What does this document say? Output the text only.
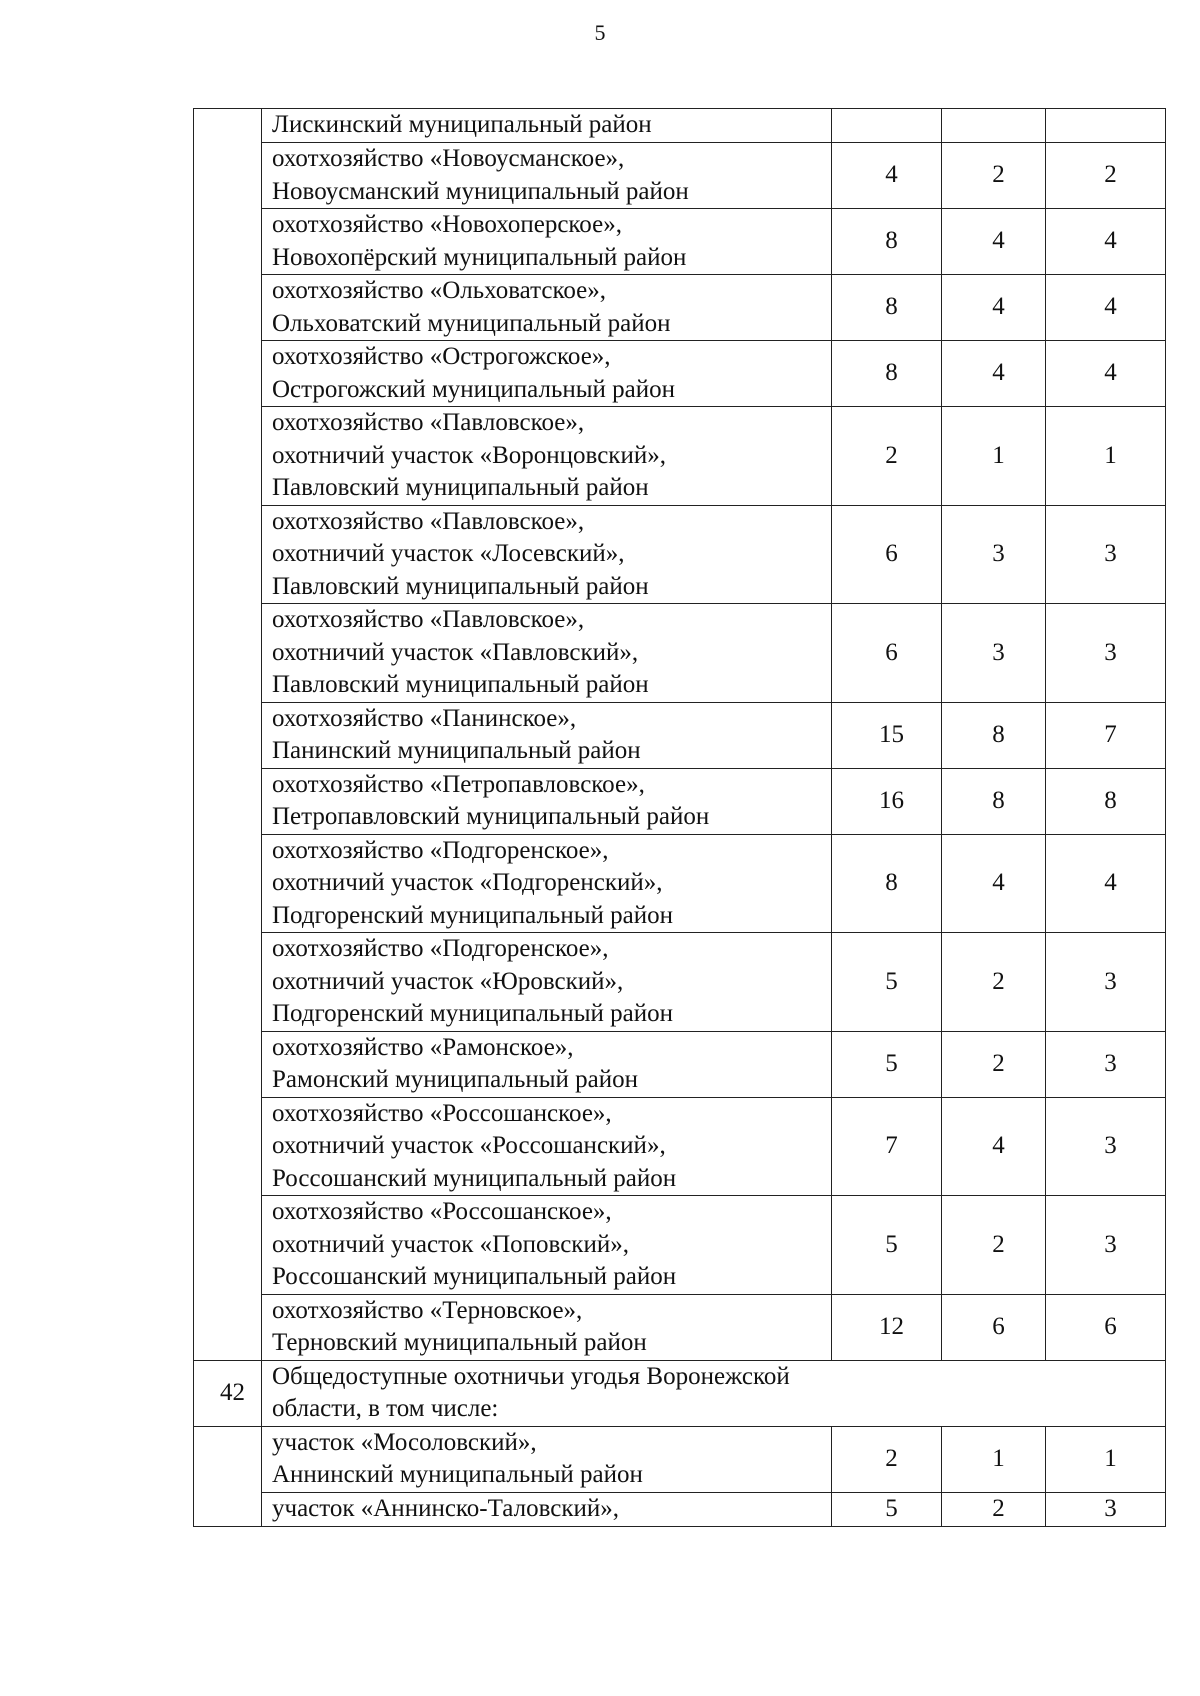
5

	Лискинский муниципальный район			

	охотхозяйство «Новоусманское»,
Новоусманский муниципальный район	4	2	2

	охотхозяйство «Новохоперское»,
Новохопёрский муниципальный район	8	4	4

	охотхозяйство «Ольховатское»,
Ольховатский муниципальный район	8	4	4

	охотхозяйство «Острогожское»,
Острогожский муниципальный район	8	4	4

	охотхозяйство «Павловское»,
охотничий участок «Воронцовский»,
Павловский муниципальный район	2	1	1

	охотхозяйство «Павловское»,
охотничий участок «Лосевский»,
Павловский муниципальный район	6	3	3

	охотхозяйство «Павловское»,
охотничий участок «Павловский»,
Павловский муниципальный район	6	3	3

	охотхозяйство «Панинское»,
Панинский муниципальный район	15	8	7

	охотхозяйство «Петропавловское»,
Петропавловский муниципальный район	16	8	8

	охотхозяйство «Подгоренское»,
охотничий участок «Подгоренский»,
Подгоренский муниципальный район	8	4	4

	охотхозяйство «Подгоренское»,
охотничий участок «Юровский»,
Подгоренский муниципальный район	5	2	3

	охотхозяйство «Рамонское»,
Рамонский муниципальный район	5	2	3

	охотхозяйство «Россошанское»,
охотничий участок «Россошанский»,
Россошанский муниципальный район	7	4	3

	охотхозяйство «Россошанское»,
охотничий участок «Поповский»,
Россошанский муниципальный район	5	2	3

	охотхозяйство «Терновское»,
Терновский муниципальный район	12	6	6
42	Общедоступные охотничьи угодья Воронежской
области, в том числе:			

	участок «Мосоловский»,
Аннинский муниципальный район	2	1	1

	участок «Аннинско-Таловский»,	5	2	3
